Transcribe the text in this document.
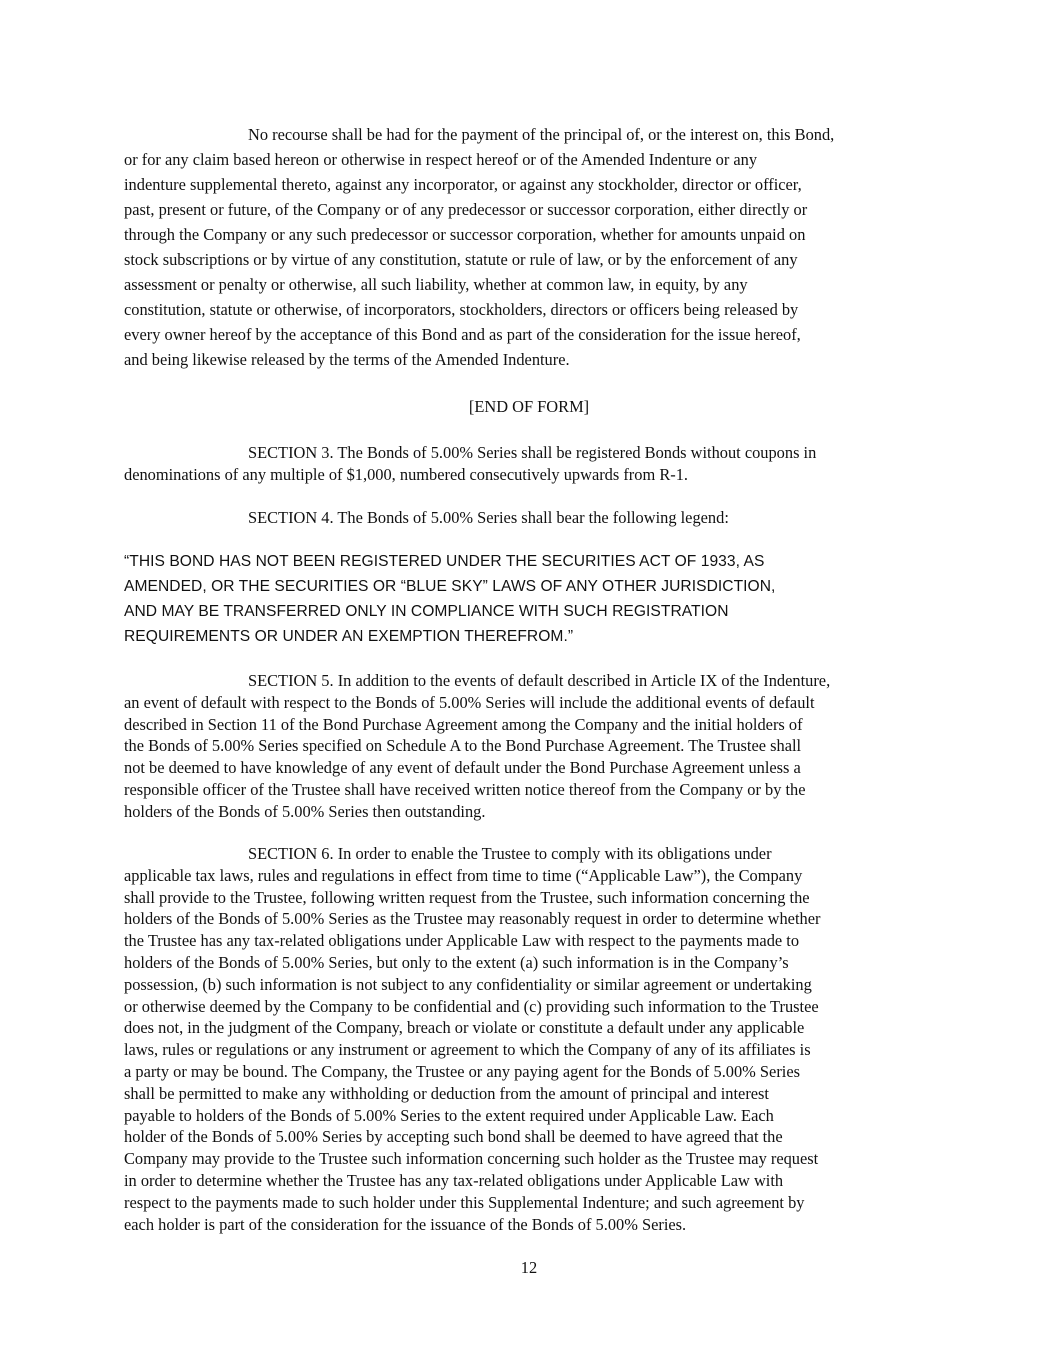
No recourse shall be had for the payment of the principal of, or the interest on, this Bond,

or for any claim based hereon or otherwise in respect hereof or of the Amended Indenture or any

indenture supplemental thereto, against any incorporator, or against any stockholder, director or officer,

past, present or future, of the Company or of any predecessor or successor corporation, either directly or

through the Company or any such predecessor or successor corporation, whether for amounts unpaid on

stock subscriptions or by virtue of any constitution, statute or rule of law, or by the enforcement of any

assessment or penalty or otherwise, all such liability, whether at common law, in equity, by any

constitution, statute or otherwise, of incorporators, stockholders, directors or officers being released by

every owner hereof by the acceptance of this Bond and as part of the consideration for the issue hereof,

and being likewise released by the terms of the Amended Indenture.

[END OF FORM]

SECTION 3. The Bonds of 5.00% Series shall be registered Bonds without coupons in

denominations of any multiple of $1,000, numbered consecutively upwards from R-1.

SECTION 4. The Bonds of 5.00% Series shall bear the following legend:

“THIS BOND HAS NOT BEEN REGISTERED UNDER THE SECURITIES ACT OF 1933, AS

AMENDED, OR THE SECURITIES OR “BLUE SKY” LAWS OF ANY OTHER JURISDICTION,

AND MAY BE TRANSFERRED ONLY IN COMPLIANCE WITH SUCH REGISTRATION

REQUIREMENTS OR UNDER AN EXEMPTION THEREFROM.”

SECTION 5. In addition to the events of default described in Article IX of the Indenture,

an event of default with respect to the Bonds of 5.00% Series will include the additional events of default

described in Section 11 of the Bond Purchase Agreement among the Company and the initial holders of

the Bonds of 5.00% Series specified on Schedule A to the Bond Purchase Agreement. The Trustee shall

not be deemed to have knowledge of any event of default under the Bond Purchase Agreement unless a

responsible officer of the Trustee shall have received written notice thereof from the Company or by the

holders of the Bonds of 5.00% Series then outstanding.

SECTION 6. In order to enable the Trustee to comply with its obligations under

applicable tax laws, rules and regulations in effect from time to time (“Applicable Law”), the Company

shall provide to the Trustee, following written request from the Trustee, such information concerning the

holders of the Bonds of 5.00% Series as the Trustee may reasonably request in order to determine whether

the Trustee has any tax-related obligations under Applicable Law with respect to the payments made to

holders of the Bonds of 5.00% Series, but only to the extent (a) such information is in the Company’s

possession, (b) such information is not subject to any confidentiality or similar agreement or undertaking

or otherwise deemed by the Company to be confidential and (c) providing such information to the Trustee

does not, in the judgment of the Company, breach or violate or constitute a default under any applicable

laws, rules or regulations or any instrument or agreement to which the Company of any of its affiliates is

a party or may be bound. The Company, the Trustee or any paying agent for the Bonds of 5.00% Series

shall be permitted to make any withholding or deduction from the amount of principal and interest

payable to holders of the Bonds of 5.00% Series to the extent required under Applicable Law. Each

holder of the Bonds of 5.00% Series by accepting such bond shall be deemed to have agreed that the

Company may provide to the Trustee such information concerning such holder as the Trustee may request

in order to determine whether the Trustee has any tax-related obligations under Applicable Law with

respect to the payments made to such holder under this Supplemental Indenture; and such agreement by

each holder is part of the consideration for the issuance of the Bonds of 5.00% Series.

12
